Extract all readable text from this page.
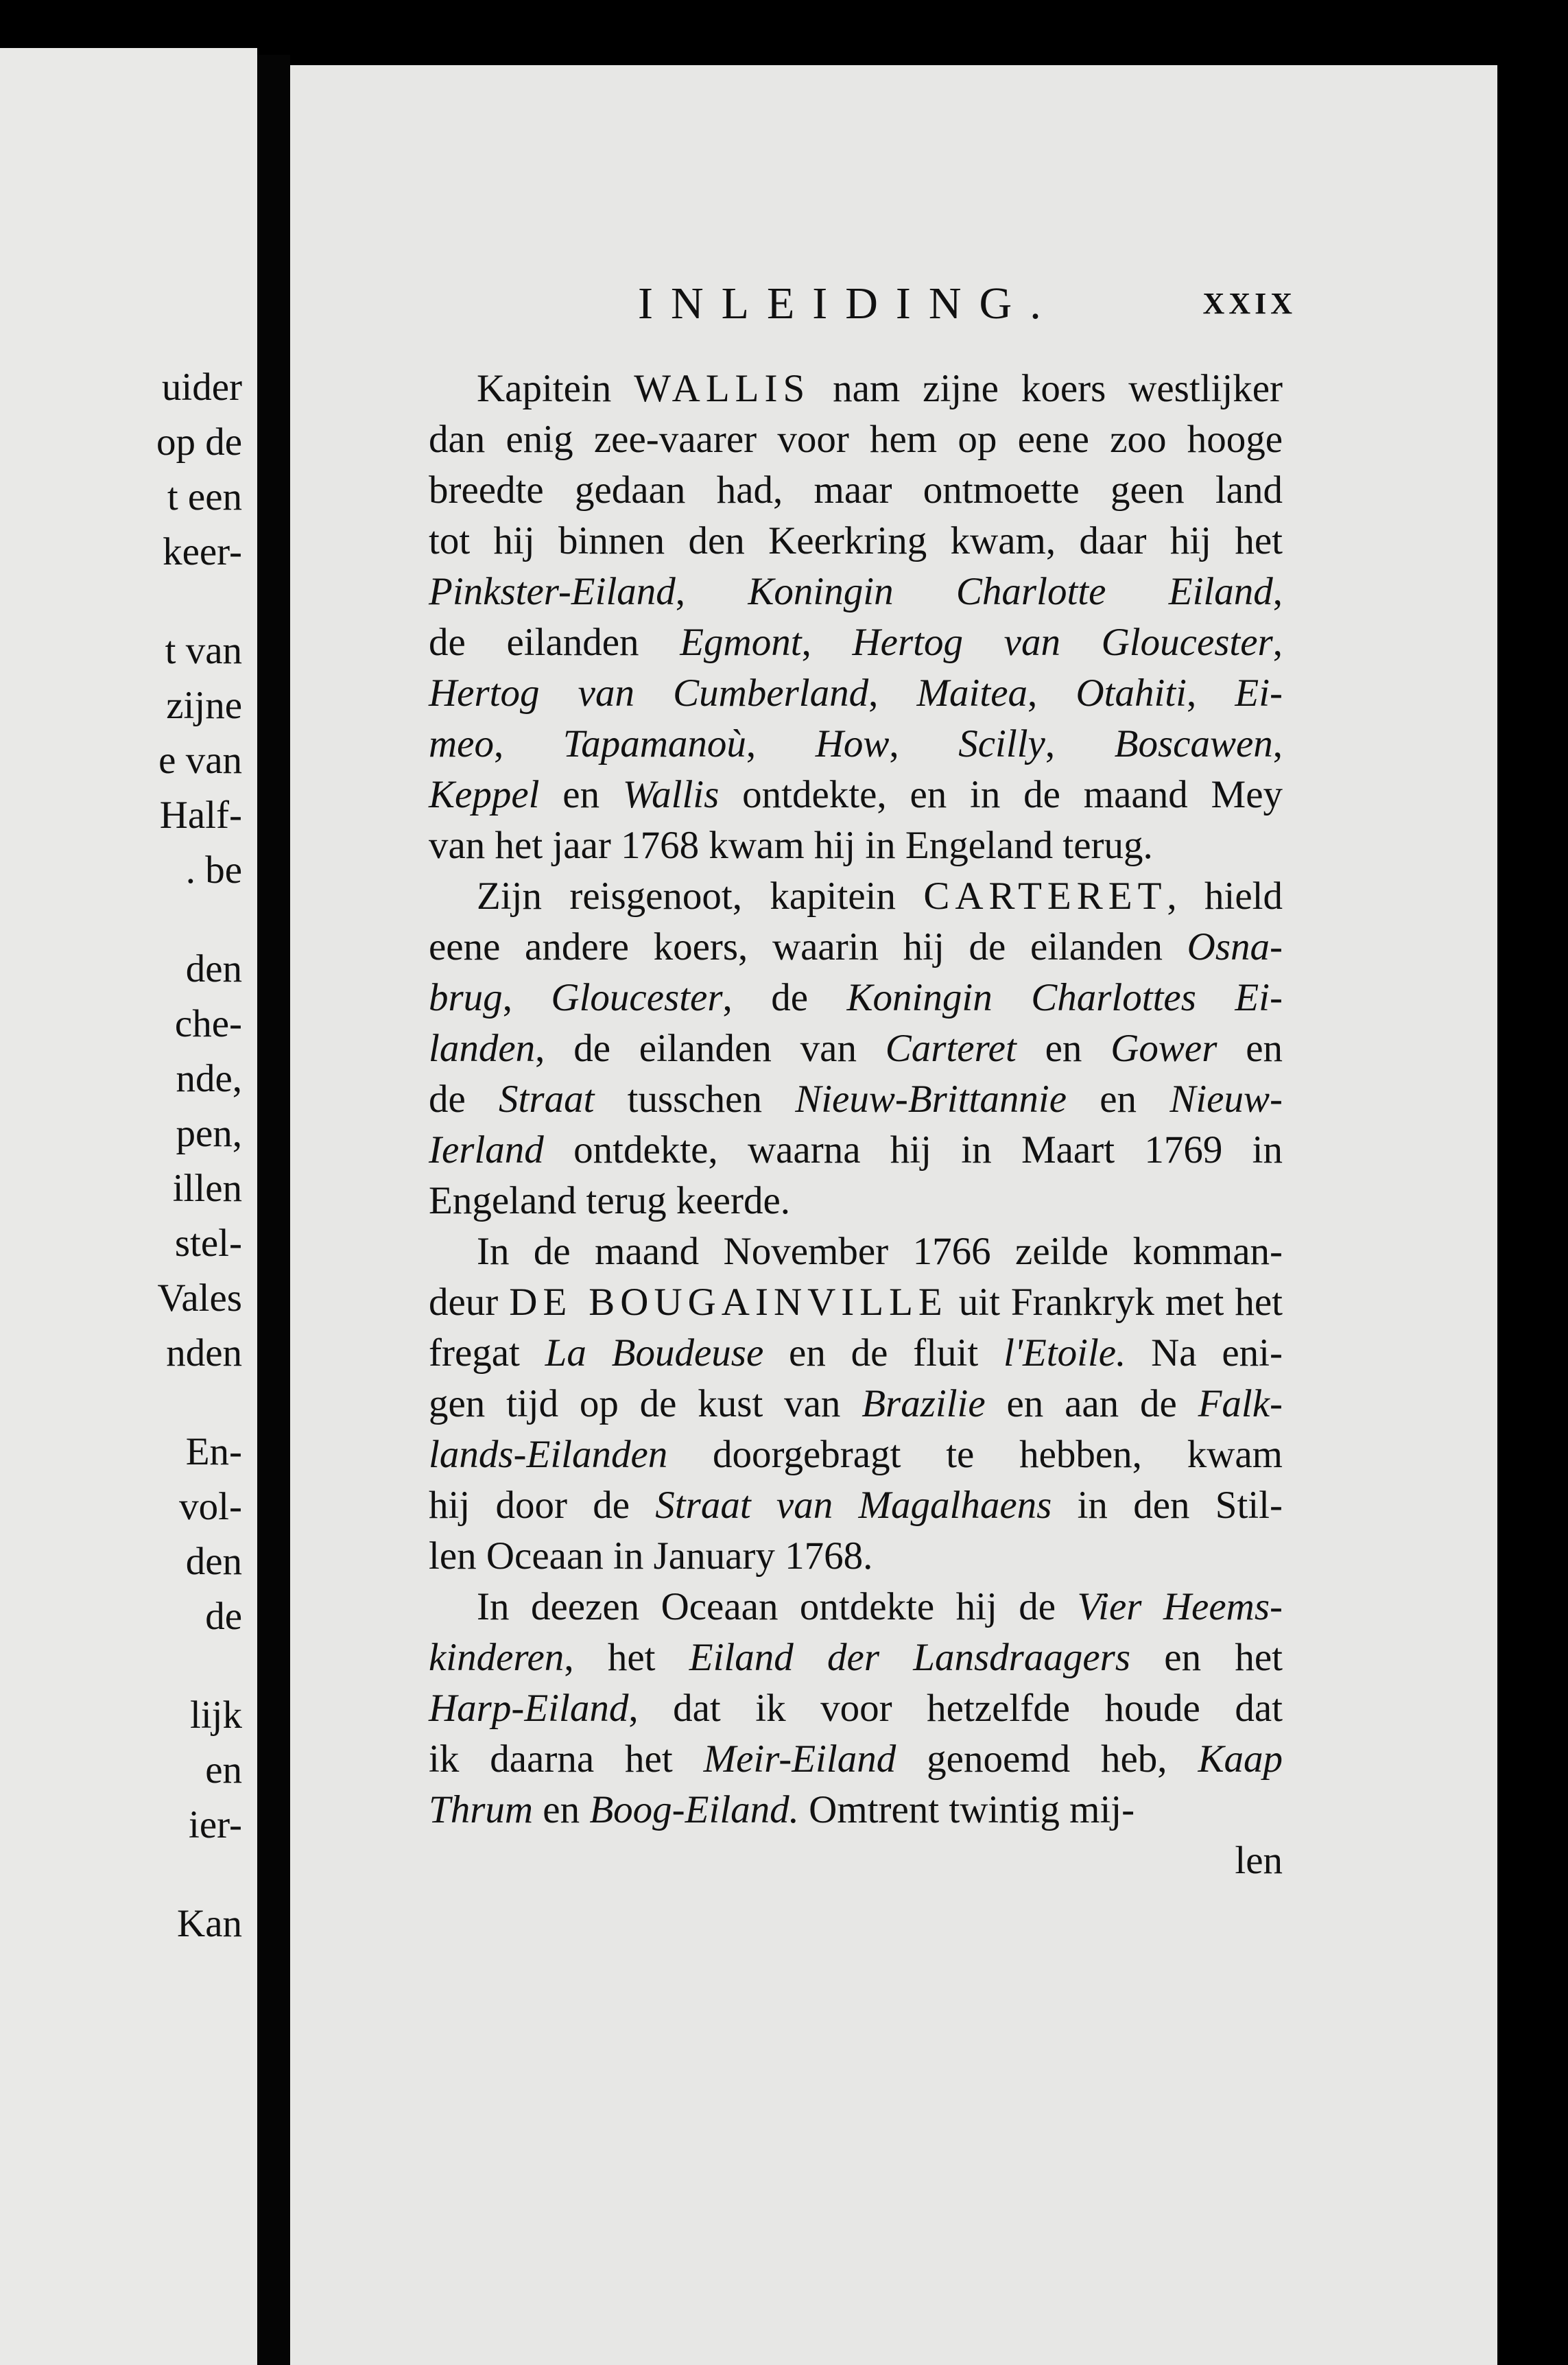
uider
op de
t een
keer-
t van
zijne
e van
Half-
. be
den
che-
nde,
pen,
illen
stel-
Vales
nden
En-
vol-
den
de
lijk
en
ier-
Kan
INLEIDING.	XXIX
Kapitein WALLIS nam zijne koers westlijker
dan enig zee-vaarer voor hem op eene zoo hooge
breedte gedaan had, maar ontmoette geen land
tot hij binnen den Keerkring kwam, daar hij het
Pinkster-Eiland, Koningin Charlotte Eiland,
de eilanden Egmont, Hertog van Gloucester,
Hertog van Cumberland, Maitea, Otahiti, Ei-
meo, Tapamanoù, How, Scilly, Boscawen,
Keppel en Wallis ontdekte, en in de maand Mey
van het jaar 1768 kwam hij in Engeland terug.
Zijn reisgenoot, kapitein CARTERET, hield
eene andere koers, waarin hij de eilanden Osna-
brug, Gloucester, de Koningin Charlottes Ei-
landen, de eilanden van Carteret en Gower en
de Straat tusschen Nieuw-Brittannie en Nieuw-
Ierland ontdekte, waarna hij in Maart 1769 in
Engeland terug keerde.
In de maand November 1766 zeilde komman-
deur DE BOUGAINVILLE uit Frankryk met het
fregat La Boudeuse en de fluit l'Etoile. Na eni-
gen tijd op de kust van Brazilie en aan de Falk-
lands-Eilanden doorgebragt te hebben, kwam
hij door de Straat van Magalhaens in den Stil-
len Oceaan in January 1768.
In deezen Oceaan ontdekte hij de Vier Heems-
kinderen, het Eiland der Lansdraagers en het
Harp-Eiland, dat ik voor hetzelfde houde dat
ik daarna het Meir-Eiland genoemd heb, Kaap
Thrum en Boog-Eiland. Omtrent twintig mij-
len
